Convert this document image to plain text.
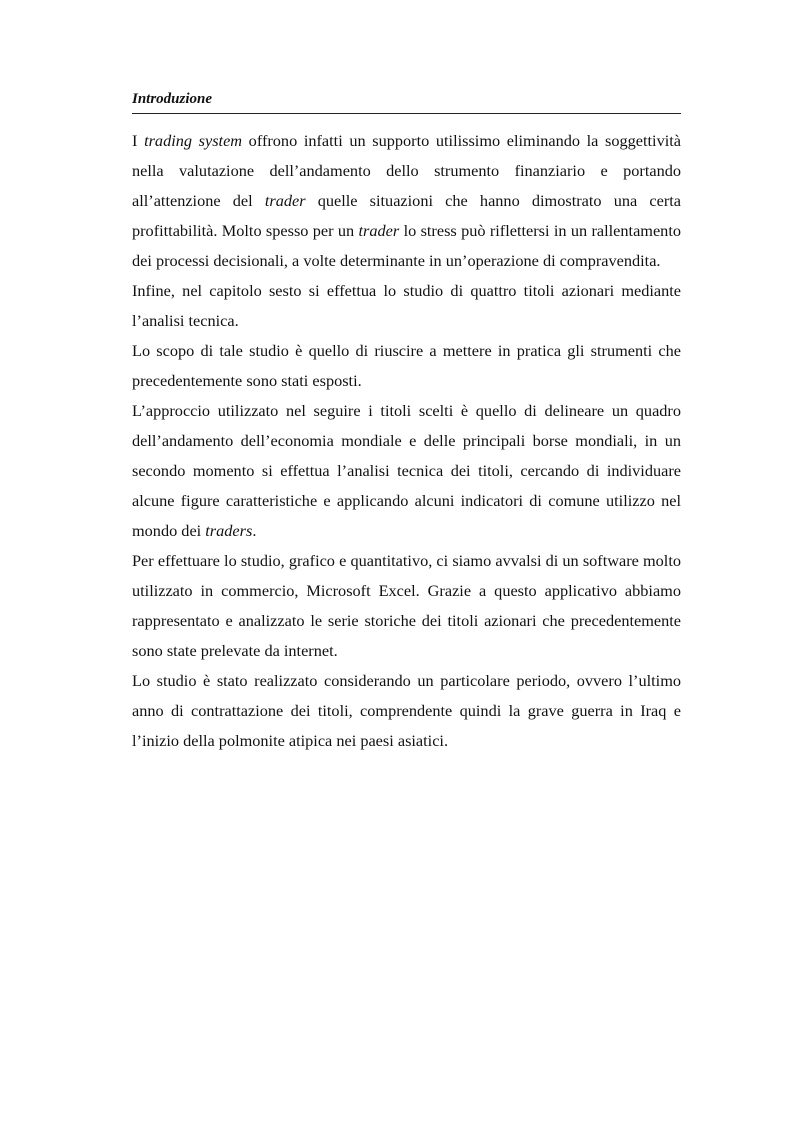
Introduzione

I trading system offrono infatti un supporto utilissimo eliminando la soggettività nella valutazione dell’andamento dello strumento finanziario e portando all’attenzione del trader quelle situazioni che hanno dimostrato una certa profittabilità. Molto spesso per un trader lo stress può riflettersi in un rallentamento dei processi decisionali, a volte determinante in un’operazione di compravendita.

Infine, nel capitolo sesto si effettua lo studio di quattro titoli azionari mediante l’analisi tecnica.

Lo scopo di tale studio è quello di riuscire a mettere in pratica gli strumenti che precedentemente sono stati esposti.

L’approccio utilizzato nel seguire i titoli scelti è quello di delineare un quadro dell’andamento dell’economia mondiale e delle principali borse mondiali, in un secondo momento si effettua l’analisi tecnica dei titoli, cercando di individuare alcune figure caratteristiche e applicando alcuni indicatori di comune utilizzo nel mondo dei traders.

Per effettuare lo studio, grafico e quantitativo, ci siamo avvalsi di un software molto utilizzato in commercio, Microsoft Excel. Grazie a questo applicativo abbiamo rappresentato e analizzato le serie storiche dei titoli azionari che precedentemente sono state prelevate da internet.

Lo studio è stato realizzato considerando un particolare periodo, ovvero l’ultimo anno di contrattazione dei titoli, comprendente quindi la grave guerra in Iraq e l’inizio della polmonite atipica nei paesi asiatici.
